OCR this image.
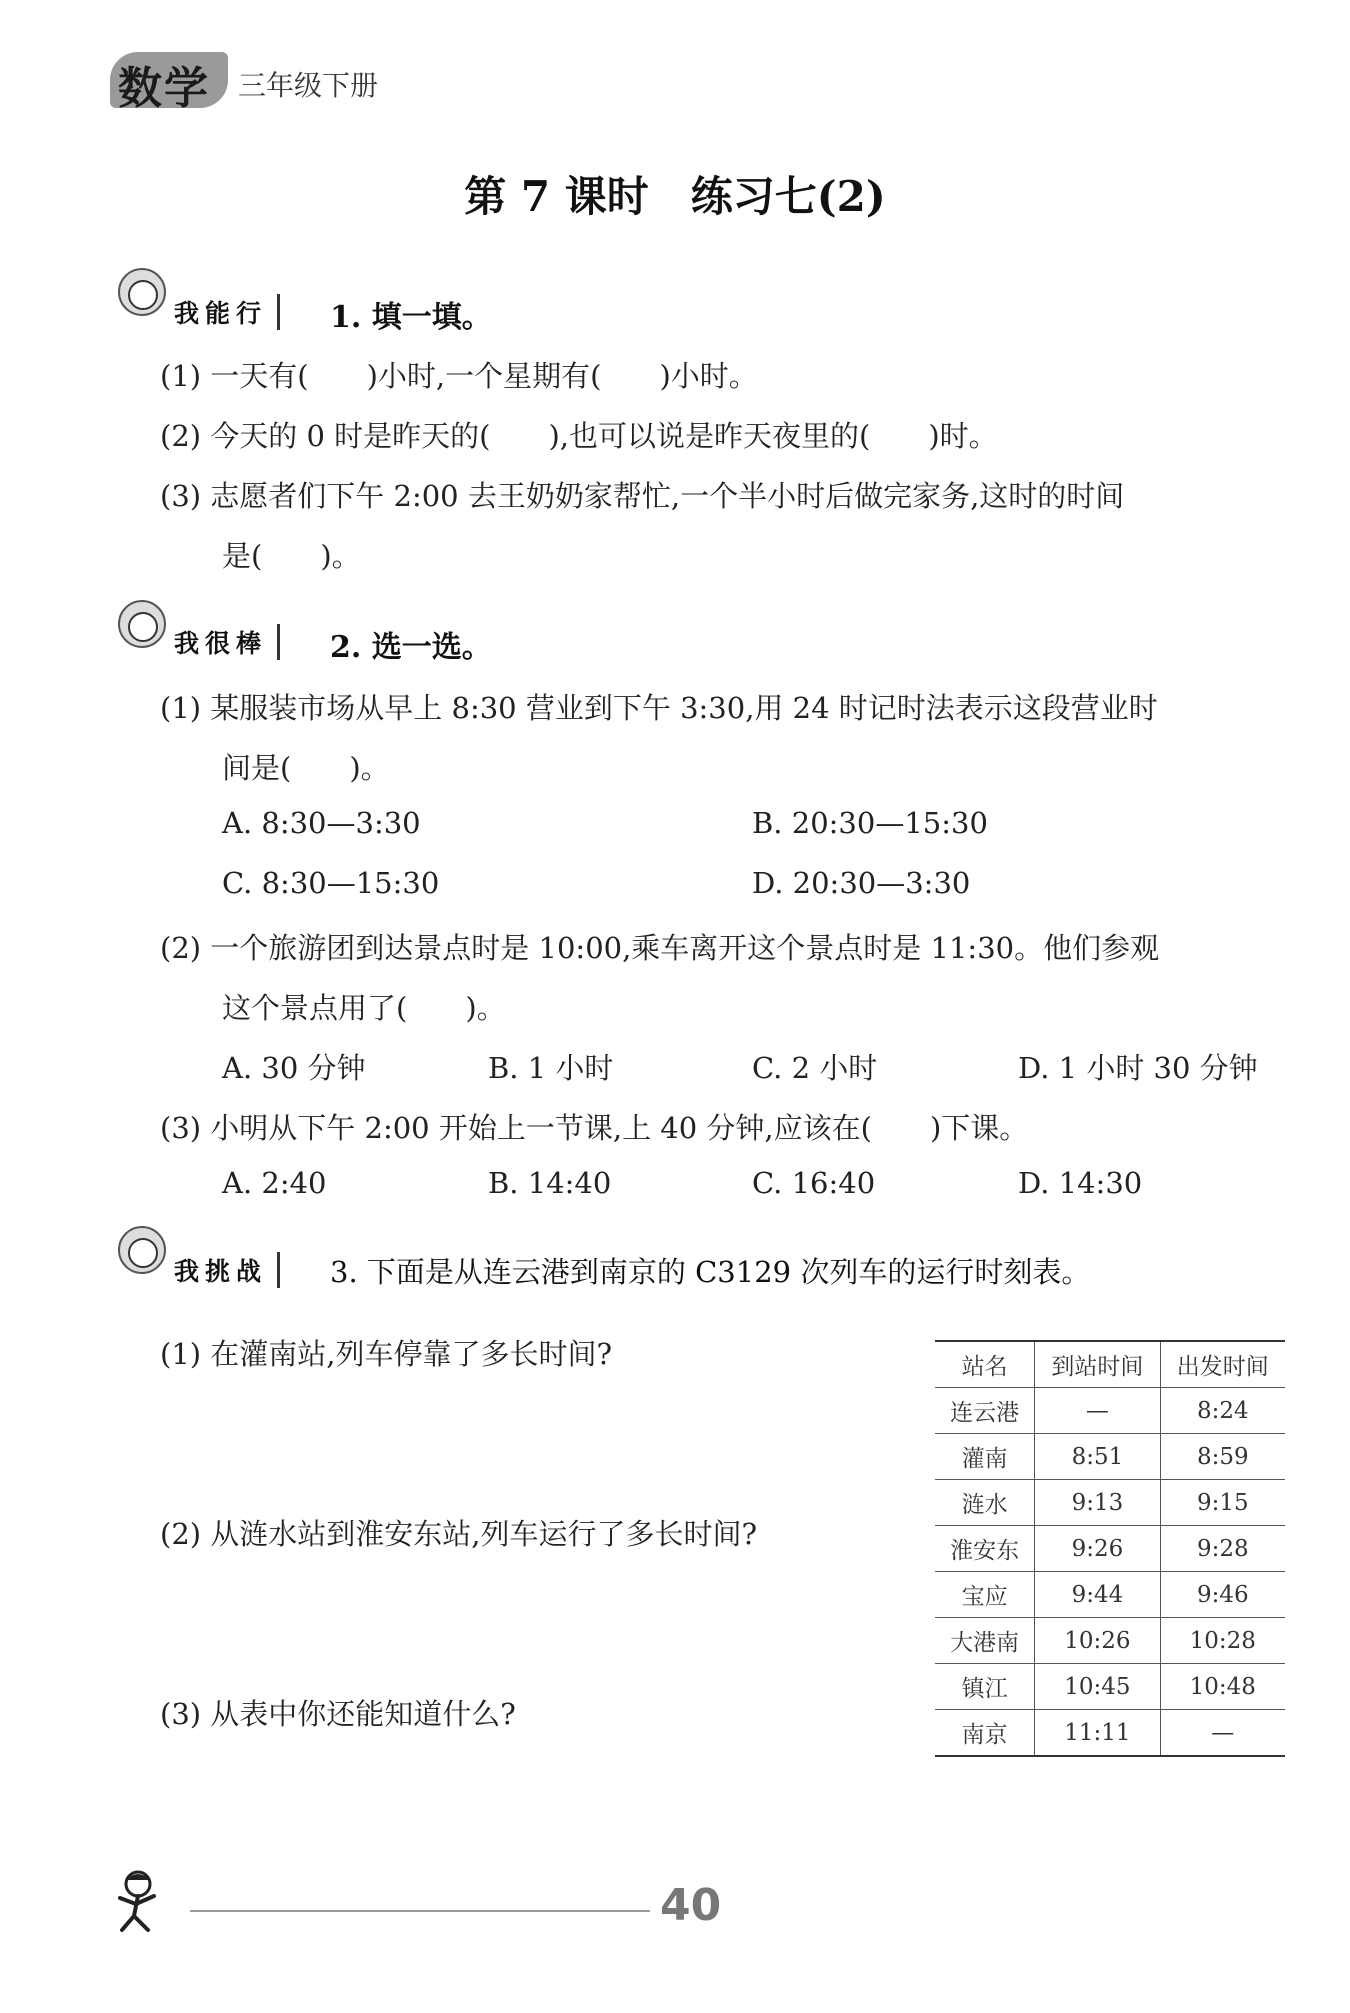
数学 三年级下册
第 7 课时　练习七(2)
我能行	1. 填一填。
(1) 一天有(　　)小时,一个星期有(　　)小时。
(2) 今天的 0 时是昨天的(　　),也可以说是昨天夜里的(　　)时。
(3) 志愿者们下午 2:00 去王奶奶家帮忙,一个半小时后做完家务,这时的时间
是(　　)。
我很棒	2. 选一选。
(1) 某服装市场从早上 8:30 营业到下午 3:30,用 24 时记时法表示这段营业时
间是(　　)。
A. 8:30—3:30	B. 20:30—15:30
C. 8:30—15:30	D. 20:30—3:30
(2) 一个旅游团到达景点时是 10:00,乘车离开这个景点时是 11:30。他们参观
这个景点用了(　　)。
A. 30 分钟	B. 1 小时	C. 2 小时	D. 1 小时 30 分钟
(3) 小明从下午 2:00 开始上一节课,上 40 分钟,应该在(　　)下课。
A. 2:40	B. 14:40	C. 16:40	D. 14:30
我挑战	3. 下面是从连云港到南京的 C3129 次列车的运行时刻表。
(1) 在灌南站,列车停靠了多长时间?
(2) 从涟水站到淮安东站,列车运行了多长时间?
(3) 从表中你还能知道什么?
站名	到站时间	出发时间
连云港	—	8:24
灌南	8:51	8:59
涟水	9:13	9:15
淮安东	9:26	9:28
宝应	9:44	9:46
大港南	10:26	10:28
镇江	10:45	10:48
南京	11:11	—
40
